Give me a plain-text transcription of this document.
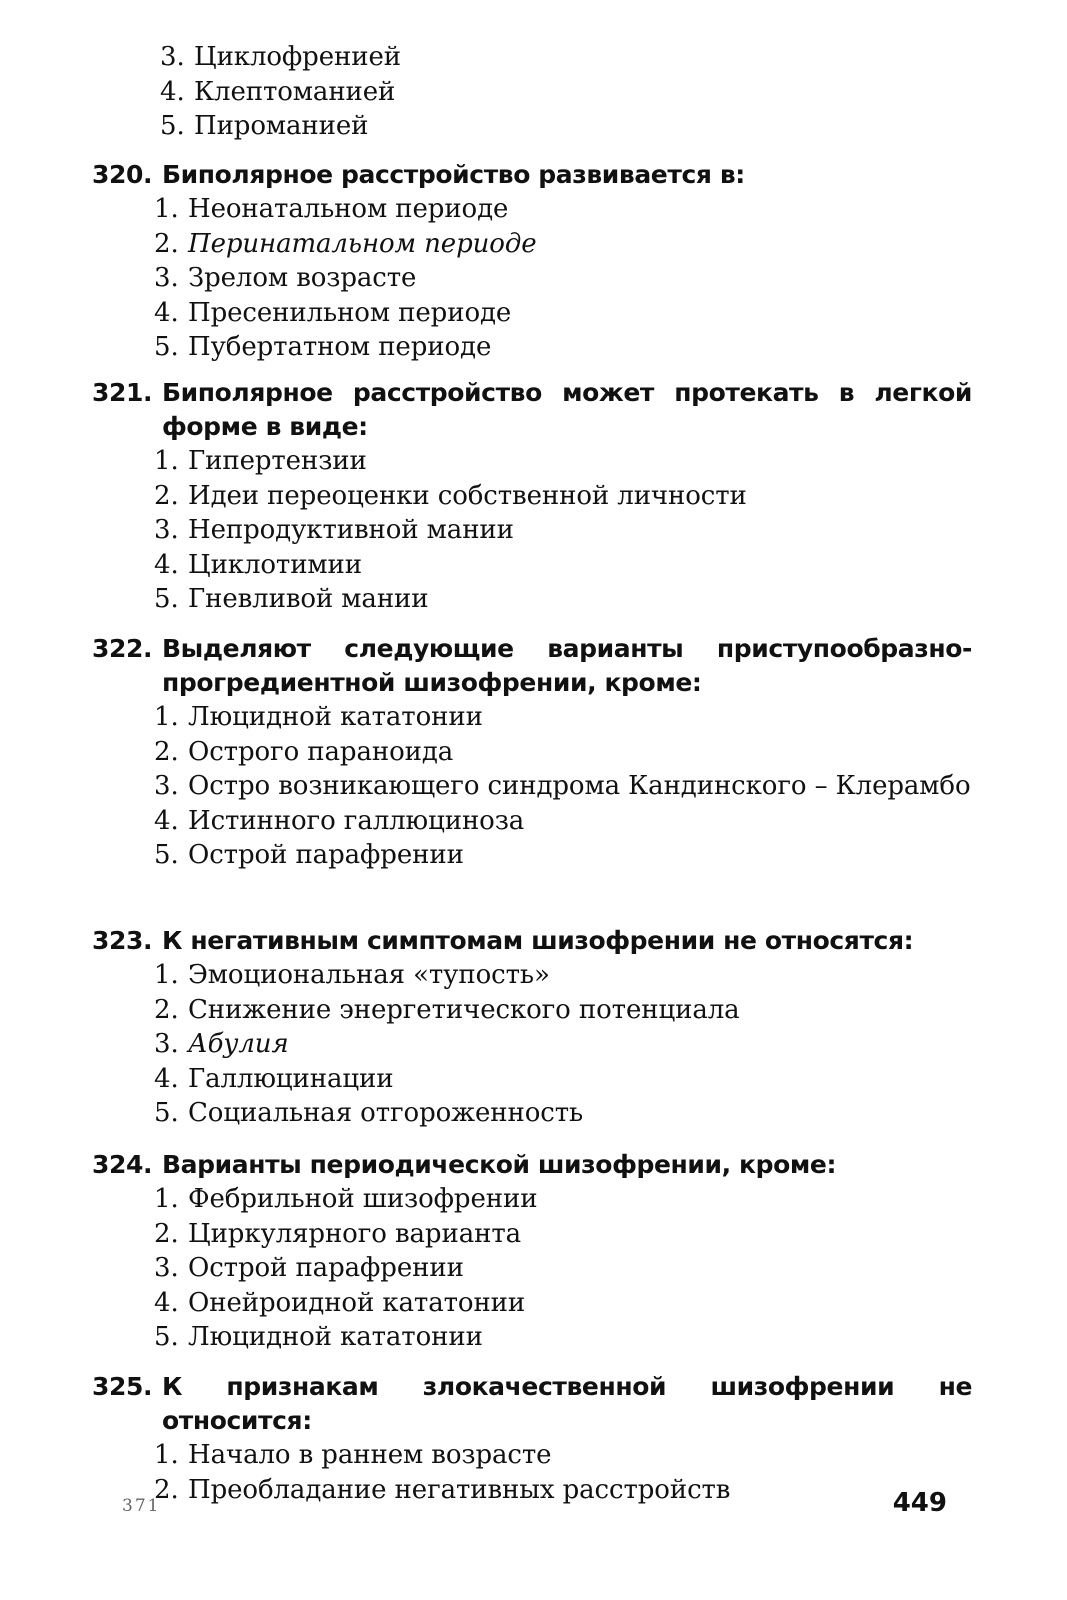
3. Циклофренией
4. Клептоманией
5. Пироманией
320. Биполярное расстройство развивается в:
1. Неонатальном периоде
2. Перинатальном периоде
3. Зрелом возрасте
4. Пресенильном периоде
5. Пубертатном периоде
321. Биполярное расстройство может протекать в легкой форме в виде:
1. Гипертензии
2. Идеи переоценки собственной личности
3. Непродуктивной мании
4. Циклотимии
5. Гневливой мании
322. Выделяют следующие варианты приступообразно-прогредиентной шизофрении, кроме:
1. Люцидной кататонии
2. Острого параноида
3. Остро возникающего синдрома Кандинского – Клерамбо
4. Истинного галлюциноза
5. Острой парафрении
323. К негативным симптомам шизофрении не относятся:
1. Эмоциональная «тупость»
2. Снижение энергетического потенциала
3. Абулия
4. Галлюцинации
5. Социальная отгороженность
324. Варианты периодической шизофрении, кроме:
1. Фебрильной шизофрении
2. Циркулярного варианта
3. Острой парафрении
4. Онейроидной кататонии
5. Люцидной кататонии
325. К признакам злокачественной шизофрении не относится:
1. Начало в раннем возрасте
2. Преобладание негативных расстройств
371	449
